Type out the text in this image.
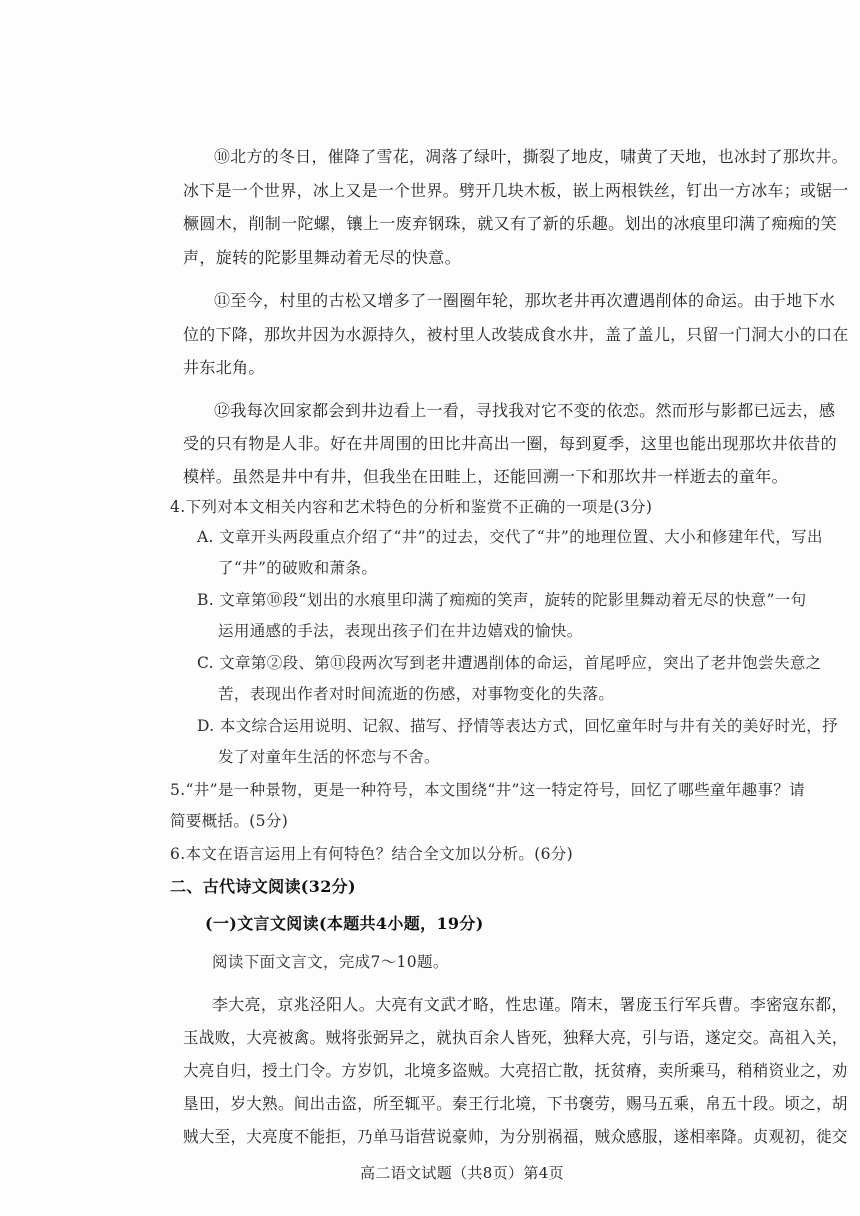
⑩北方的冬日，催降了雪花，凋落了绿叶，撕裂了地皮，啸黄了天地，也冰封了那坎井。
冰下是一个世界，冰上又是一个世界。劈开几块木板，嵌上两根铁丝，钉出一方冰车；或锯一
橛圆木，削制一陀螺，镶上一废弃钢珠，就又有了新的乐趣。划出的冰痕里印满了痴痴的笑
声，旋转的陀影里舞动着无尽的快意。
⑪至今，村里的古松又增多了一圈圈年轮，那坎老井再次遭遇削体的命运。由于地下水
位的下降，那坎井因为水源持久，被村里人改装成食水井，盖了盖儿，只留一门洞大小的口在
井东北角。
⑫我每次回家都会到井边看上一看，寻找我对它不变的依恋。然而形与影都已远去，感
受的只有物是人非。好在井周围的田比井高出一圈，每到夏季，这里也能出现那坎井依昔的
模样。虽然是井中有井，但我坐在田畦上，还能回溯一下和那坎井一样逝去的童年。
4.下列对本文相关内容和艺术特色的分析和鉴赏不正确的一项是(3分)
A. 文章开头两段重点介绍了“井”的过去，交代了“井”的地理位置、大小和修建年代，写出
了“井”的破败和萧条。
B. 文章第⑩段“划出的水痕里印满了痴痴的笑声，旋转的陀影里舞动着无尽的快意”一句
运用通感的手法，表现出孩子们在井边嬉戏的愉快。
C. 文章第②段、第⑪段两次写到老井遭遇削体的命运，首尾呼应，突出了老井饱尝失意之
苦，表现出作者对时间流逝的伤感，对事物变化的失落。
D. 本文综合运用说明、记叙、描写、抒情等表达方式，回忆童年时与井有关的美好时光，抒
发了对童年生活的怀恋与不舍。
5.“井”是一种景物，更是一种符号，本文围绕“井”这一特定符号，回忆了哪些童年趣事？请
简要概括。(5分)
6.本文在语言运用上有何特色？结合全文加以分析。(6分)
二、古代诗文阅读(32分)
(一)文言文阅读(本题共4小题，19分)
阅读下面文言文，完成7～10题。
李大亮，京兆泾阳人。大亮有文武才略，性忠谨。隋末，署庞玉行军兵曹。李密寇东都，
玉战败，大亮被禽。贼将张弼异之，就执百余人皆死，独释大亮，引与语，遂定交。高祖入关，
大亮自归，授土门令。方岁饥，北境多盗贼。大亮招亡散，抚贫瘠，卖所乘马，稍稍资业之，劝
垦田，岁大熟。间出击盗，所至辄平。秦王行北境，下书褒劳，赐马五乘，帛五十段。顷之，胡
贼大至，大亮度不能拒，乃单马诣营说豪帅，为分别祸福，贼众感服，遂相率降。贞观初，徙交
高二语文试题（共8页）第4页
